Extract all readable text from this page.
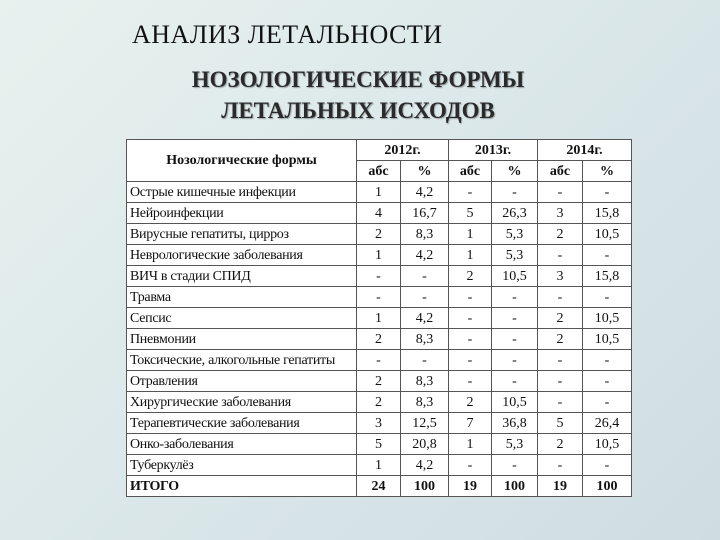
АНАЛИЗ ЛЕТАЛЬНОСТИ
НОЗОЛОГИЧЕСКИЕ ФОРМЫ
ЛЕТАЛЬНЫХ ИСХОДОВ
Нозологические формы	2012г.		2013г.		2014г.	
	абс	%	абс	%	абс	%
Острые кишечные инфекции	1	4,2	-	-	-	-
Нейроинфекции	4	16,7	5	26,3	3	15,8
Вирусные гепатиты, цирроз	2	8,3	1	5,3	2	10,5
Неврологические заболевания	1	4,2	1	5,3	-	-
ВИЧ в стадии СПИД	-	-	2	10,5	3	15,8
Травма	-	-	-	-	-	-
Сепсис	1	4,2	-	-	2	10,5
Пневмонии	2	8,3	-	-	2	10,5
Токсические, алкогольные гепатиты	-	-	-	-	-	-
Отравления	2	8,3	-	-	-	-
Хирургические заболевания	2	8,3	2	10,5	-	-
Терапевтические заболевания	3	12,5	7	36,8	5	26,4
Онко-заболевания	5	20,8	1	5,3	2	10,5
Туберкулёз	1	4,2	-	-	-	-
ИТОГО	24	100	19	100	19	100
